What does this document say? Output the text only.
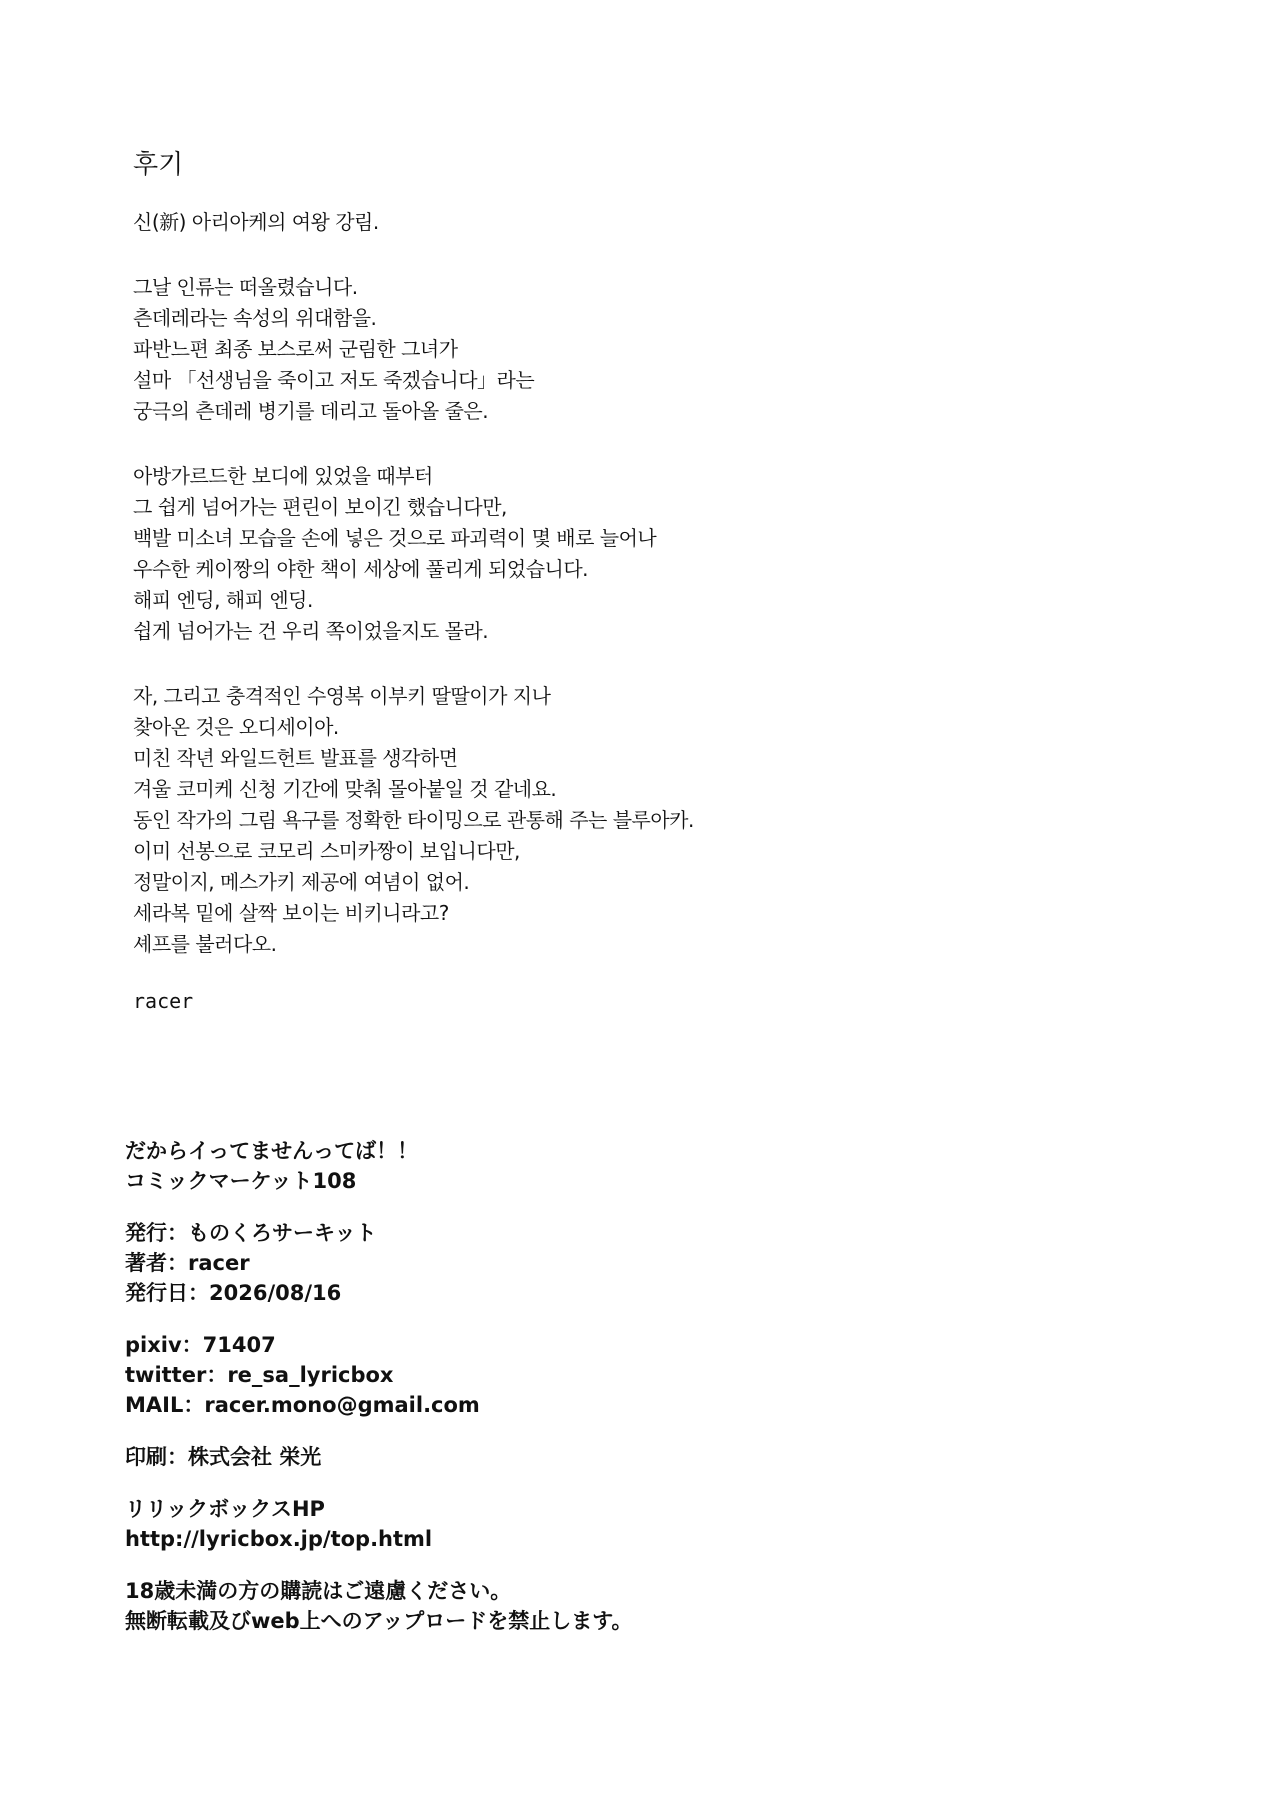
후기
신(新) 아리아케의 여왕 강림.
그날 인류는 떠올렸습니다.
츤데레라는 속성의 위대함을.
파반느편 최종 보스로써 군림한 그녀가
설마 「선생님을 죽이고 저도 죽겠습니다」라는
궁극의 츤데레 병기를 데리고 돌아올 줄은.
아방가르드한 보디에 있었을 때부터
그 쉽게 넘어가는 편린이 보이긴 했습니다만,
백발 미소녀 모습을 손에 넣은 것으로 파괴력이 몇 배로 늘어나
우수한 케이짱의 야한 책이 세상에 풀리게 되었습니다.
해피 엔딩, 해피 엔딩.
쉽게 넘어가는 건 우리 쪽이었을지도 몰라.
자, 그리고 충격적인 수영복 이부키 딸딸이가 지나
찾아온 것은 오디세이아.
미친 작년 와일드헌트 발표를 생각하면
겨울 코미케 신청 기간에 맞춰 몰아붙일 것 같네요.
동인 작가의 그림 욕구를 정확한 타이밍으로 관통해 주는 블루아카.
이미 선봉으로 코모리 스미카짱이 보입니다만,
정말이지, 메스가키 제공에 여념이 없어.
세라복 밑에 살짝 보이는 비키니라고?
셰프를 불러다오.
racer
だからイってませんってば！！
コミックマーケット108
発行：ものくろサーキット
著者：racer
発行日：2026/08/16
pixiv：71407
twitter：re_sa_lyricbox
MAIL：racer.mono@gmail.com
印刷：株式会社 栄光
リリックボックスHP
http://lyricbox.jp/top.html
18歳未満の方の購読はご遠慮ください。
無断転載及びweb上へのアップロードを禁止します。
